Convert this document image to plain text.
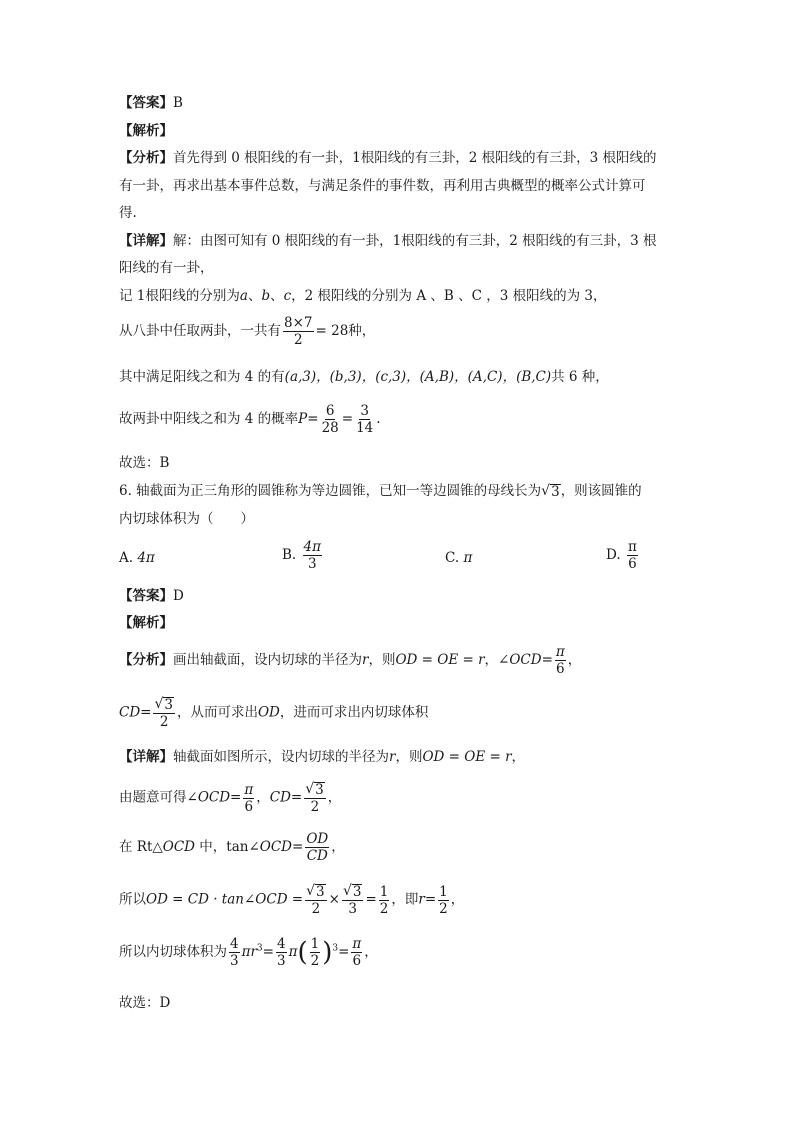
【答案】B
【解析】
【分析】首先得到 0 根阳线的有一卦，1根阳线的有三卦，2 根阳线的有三卦，3 根阳线的
有一卦，再求出基本事件总数，与满足条件的事件数，再利用古典概型的概率公式计算可
得.
【详解】解：由图可知有 0 根阳线的有一卦，1根阳线的有三卦，2 根阳线的有三卦，3 根
阳线的有一卦，
记 1根阳线的分别为a、b、c，2 根阳线的分别为 A 、B 、C ，3 根阳线的为 3，
从八卦中任取两卦，一共有 $\frac{8\times 7}{2} = 28$种，
其中满足阳线之和为 4 的有(a,3)，(b,3)，(c,3)，(A,B)，(A,C)，(B,C)共 6 种，
故两卦中阳线之和为 4 的概率$P= \frac{6}{28} = \frac{3}{14}$ .
故选：B
6. 轴截面为正三角形的圆锥称为等边圆锥，已知一等边圆锥的母线长为 √ 3 ，则该圆锥的
内切球体积为（　　）
A. 4π	B. $\frac{4\pi}{3}$	C. π	D. $\frac{\pi}{6}$
【答案】D
【解析】
【分析】画出轴截面，设内切球的半径为r，则OD = OE = r，∠OCD= $\frac{\pi}{6}$ ，
$CD= \frac{√ 3}{2}$ ，从而可求出OD，进而可求出内切球体积
【详解】轴截面如图所示，设内切球的半径为r，则OD = OE = r，
由题意可得∠OCD= $\frac{\pi}{6}$ ，$CD= \frac{√ 3}{2}$ ，
在 Rt△OCD 中，tan∠OCD= $\frac{OD}{CD}$ ，
所以OD = CD · tan∠OCD = $\frac{√ 3}{2} \times \frac{√ 3}{3} = \frac{1}{2}$ ，即$r= \frac{1}{2}$ ，
所以内切球体积为 $\frac{4}{3} \pi r^3= \frac{4}{3} \pi( \frac{1}{2} )^3= \frac{\pi}{6}$ ，
故选：D
